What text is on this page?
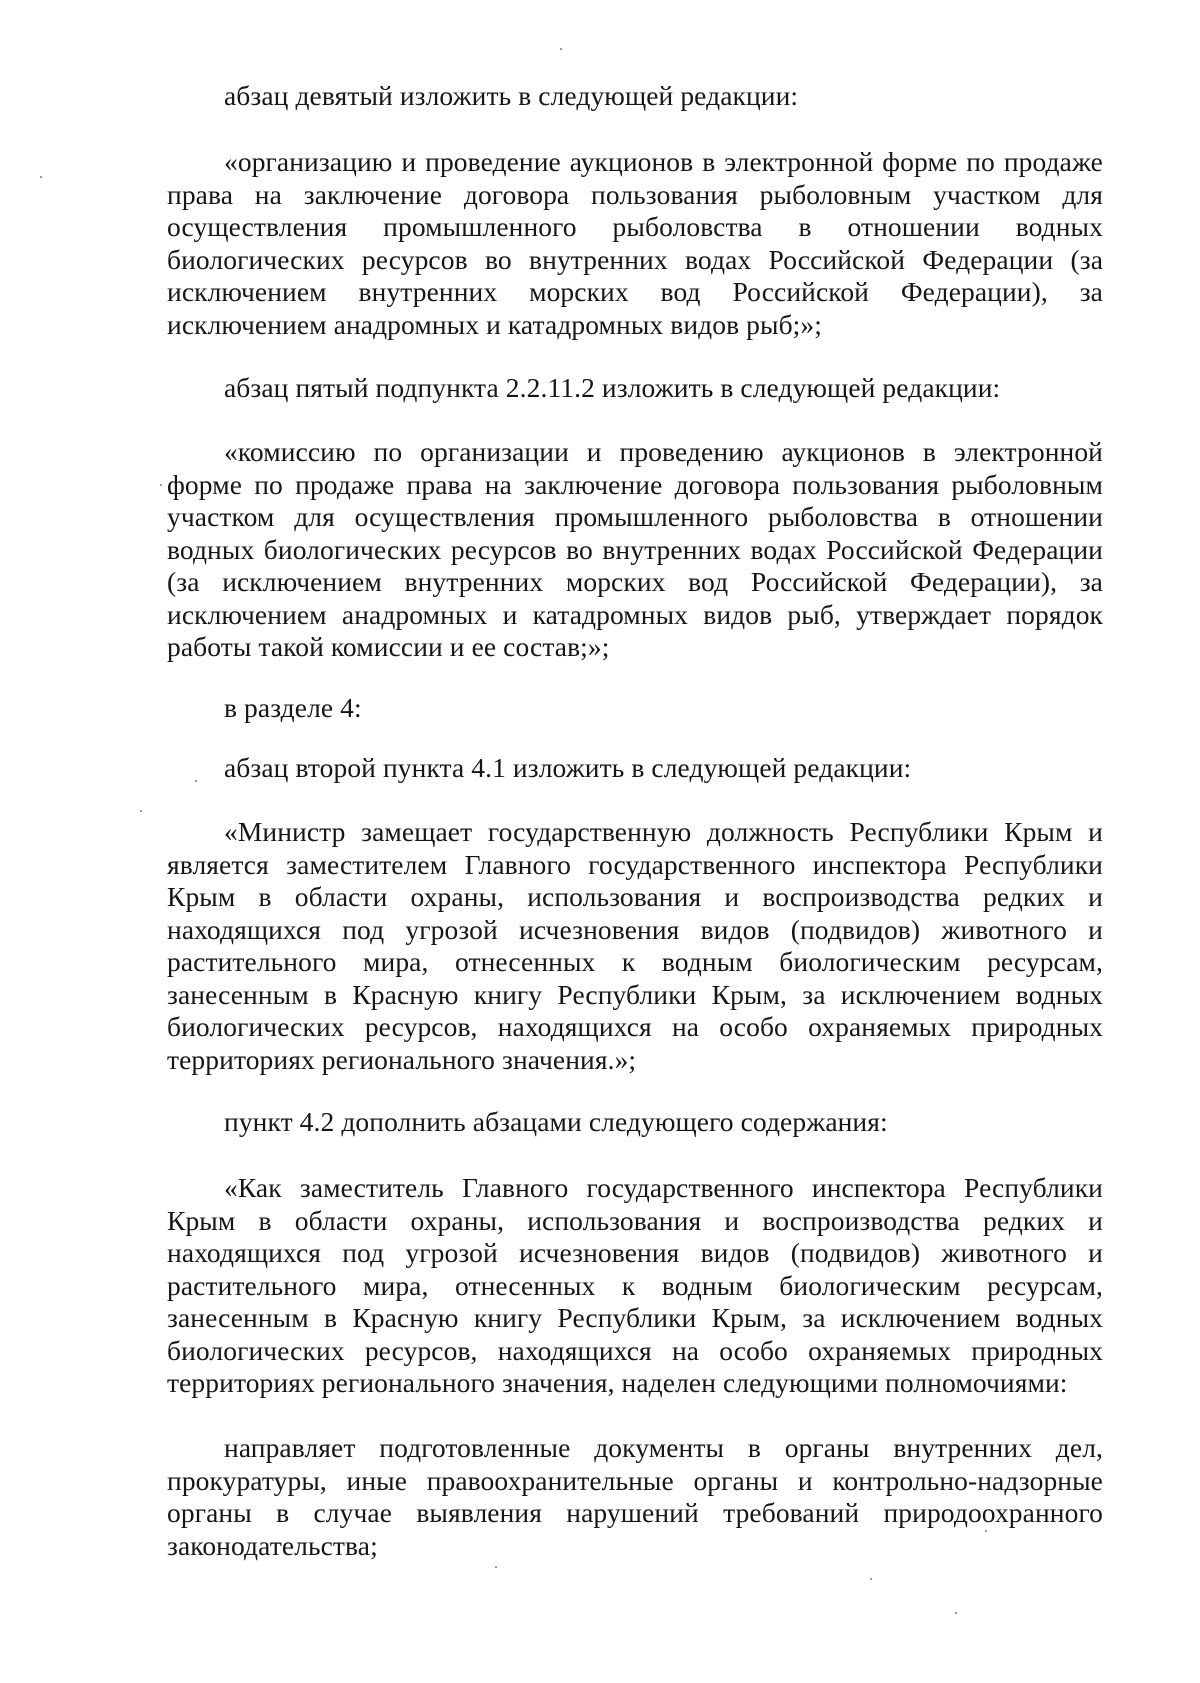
абзац девятый изложить в следующей редакции:

«организацию и проведение аукционов в электронной форме по продаже права на заключение договора пользования рыболовным участком для осуществления промышленного рыболовства в отношении водных биологических ресурсов во внутренних водах Российской Федерации (за исключением внутренних морских вод Российской Федерации), за исключением анадромных и катадромных видов рыб;»;

абзац пятый подпункта 2.2.11.2 изложить в следующей редакции:

«комиссию по организации и проведению аукционов в электронной форме по продаже права на заключение договора пользования рыболовным участком для осуществления промышленного рыболовства в отношении водных биологических ресурсов во внутренних водах Российской Федерации (за исключением внутренних морских вод Российской Федерации), за исключением анадромных и катадромных видов рыб, утверждает порядок работы такой комиссии и ее состав;»;

в разделе 4:

абзац второй пункта 4.1 изложить в следующей редакции:

«Министр замещает государственную должность Республики Крым и является заместителем Главного государственного инспектора Республики Крым в области охраны, использования и воспроизводства редких и находящихся под угрозой исчезновения видов (подвидов) животного и растительного мира, отнесенных к водным биологическим ресурсам, занесенным в Красную книгу Республики Крым, за исключением водных биологических ресурсов, находящихся на особо охраняемых природных территориях регионального значения.»;

пункт 4.2 дополнить абзацами следующего содержания:

«Как заместитель Главного государственного инспектора Республики Крым в области охраны, использования и воспроизводства редких и находящихся под угрозой исчезновения видов (подвидов) животного и растительного мира, отнесенных к водным биологическим ресурсам, занесенным в Красную книгу Республики Крым, за исключением водных биологических ресурсов, находящихся на особо охраняемых природных территориях регионального значения, наделен следующими полномочиями:

направляет подготовленные документы в органы внутренних дел, прокуратуры, иные правоохранительные органы и контрольно-надзорные органы в случае выявления нарушений требований природоохранного законодательства;
